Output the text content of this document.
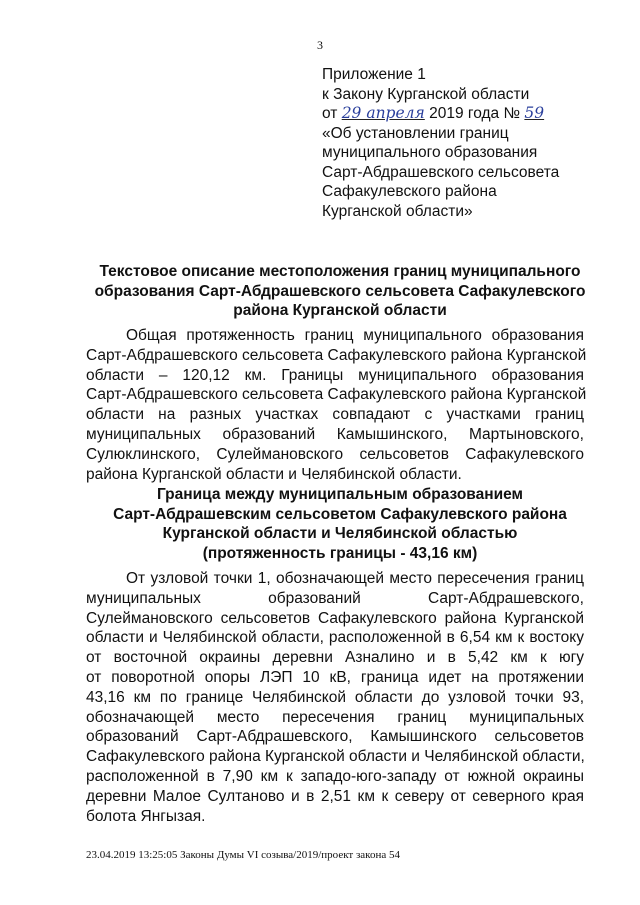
3
Приложение 1
к Закону Курганской области
от 29 апреля 2019 года № 59
«Об установлении границ
муниципального образования
Сарт-Абдрашевского сельсовета
Сафакулевского района
Курганской области»
Текстовое описание местоположения границ муниципального
образования Сарт-Абдрашевского сельсовета Сафакулевского
района Курганской области
Общая протяженность границ муниципального образования
Сарт-Абдрашевского сельсовета Сафакулевского района Курганской
области – 120,12 км. Границы муниципального образования
Сарт-Абдрашевского сельсовета Сафакулевского района Курганской
области на разных участках совпадают с участками границ
муниципальных образований Камышинского, Мартыновского,
Сулюклинского, Сулеймановского сельсоветов Сафакулевского
района Курганской области и Челябинской области.
Граница между муниципальным образованием
Сарт-Абдрашевским сельсоветом Сафакулевского района
Курганской области и Челябинской областью
(протяженность границы - 43,16 км)
От узловой точки 1, обозначающей место пересечения границ
муниципальных образований Сарт-Абдрашевского,
Сулеймановского сельсоветов Сафакулевского района Курганской
области и Челябинской области, расположенной в 6,54 км к востоку
от восточной окраины деревни Азналино и в 5,42 км к югу
от поворотной опоры ЛЭП 10 кВ, граница идет на протяжении
43,16 км по границе Челябинской области до узловой точки 93,
обозначающей место пересечения границ муниципальных
образований Сарт-Абдрашевского, Камышинского сельсоветов
Сафакулевского района Курганской области и Челябинской области,
расположенной в 7,90 км к западо-юго-западу от южной окраины
деревни Малое Султаново и в 2,51 км к северу от северного края
болота Янгызая.
23.04.2019 13:25:05 Законы Думы VI созыва/2019/проект закона 54
